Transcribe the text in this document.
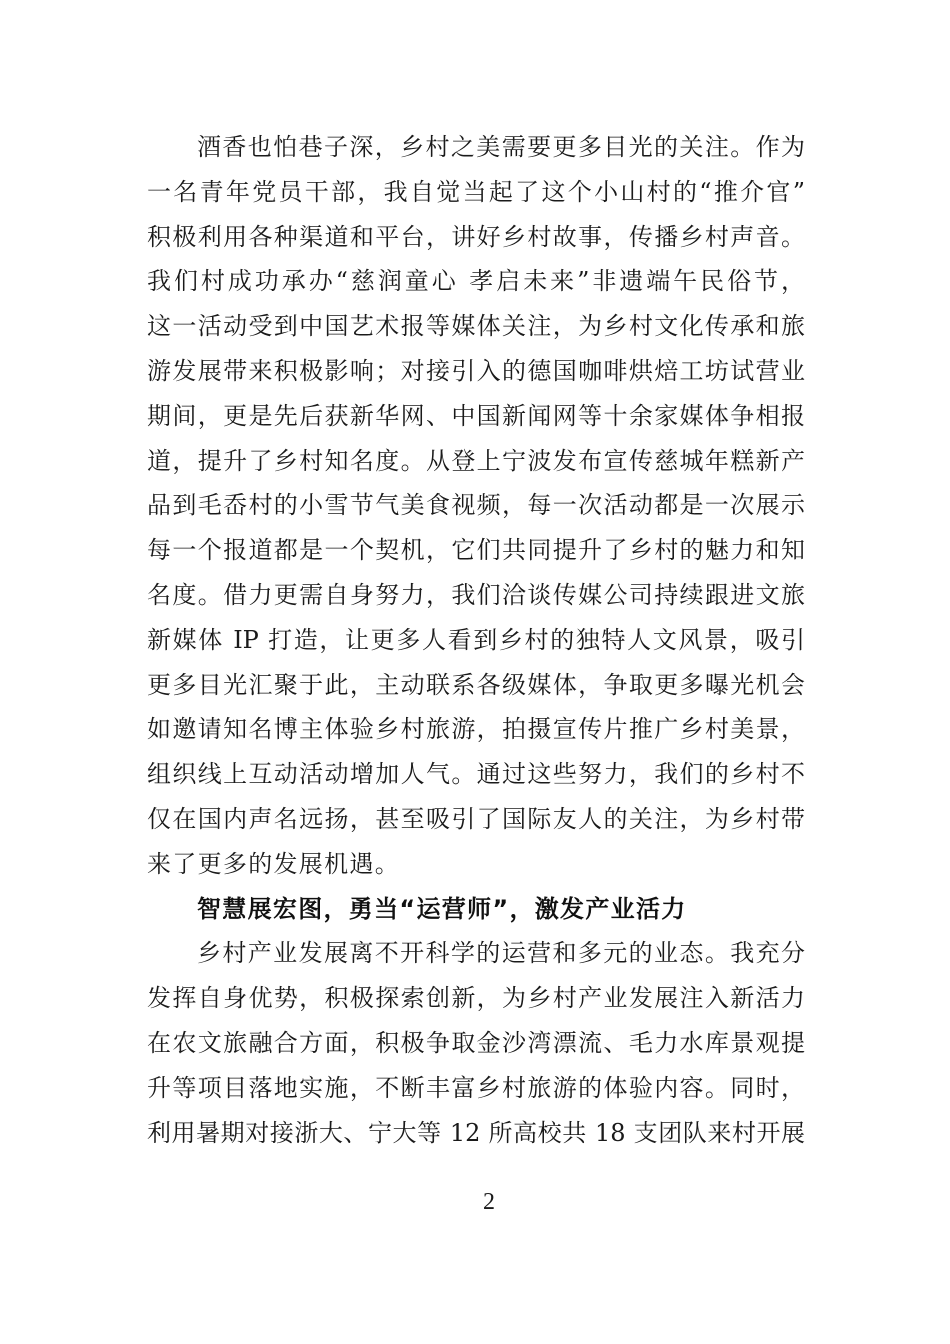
酒香也怕巷子深，乡村之美需要更多目光的关注。作为
一名青年党员干部，我自觉当起了这个小山村的“推介官”
积极利用各种渠道和平台，讲好乡村故事，传播乡村声音。
我们村成功承办“慈润童心 孝启未来”非遗端午民俗节，
这一活动受到中国艺术报等媒体关注，为乡村文化传承和旅
游发展带来积极影响；对接引入的德国咖啡烘焙工坊试营业
期间，更是先后获新华网、中国新闻网等十余家媒体争相报
道，提升了乡村知名度。从登上宁波发布宣传慈城年糕新产
品到毛岙村的小雪节气美食视频，每一次活动都是一次展示
每一个报道都是一个契机，它们共同提升了乡村的魅力和知
名度。借力更需自身努力，我们洽谈传媒公司持续跟进文旅
新媒体 IP 打造，让更多人看到乡村的独特人文风景，吸引
更多目光汇聚于此，主动联系各级媒体，争取更多曝光机会
如邀请知名博主体验乡村旅游，拍摄宣传片推广乡村美景，
组织线上互动活动增加人气。通过这些努力，我们的乡村不
仅在国内声名远扬，甚至吸引了国际友人的关注，为乡村带
来了更多的发展机遇。
智慧展宏图，勇当“运营师”，激发产业活力
乡村产业发展离不开科学的运营和多元的业态。我充分
发挥自身优势，积极探索创新，为乡村产业发展注入新活力
在农文旅融合方面，积极争取金沙湾漂流、毛力水库景观提
升等项目落地实施，不断丰富乡村旅游的体验内容。同时，
利用暑期对接浙大、宁大等 12 所高校共 18 支团队来村开展
2
